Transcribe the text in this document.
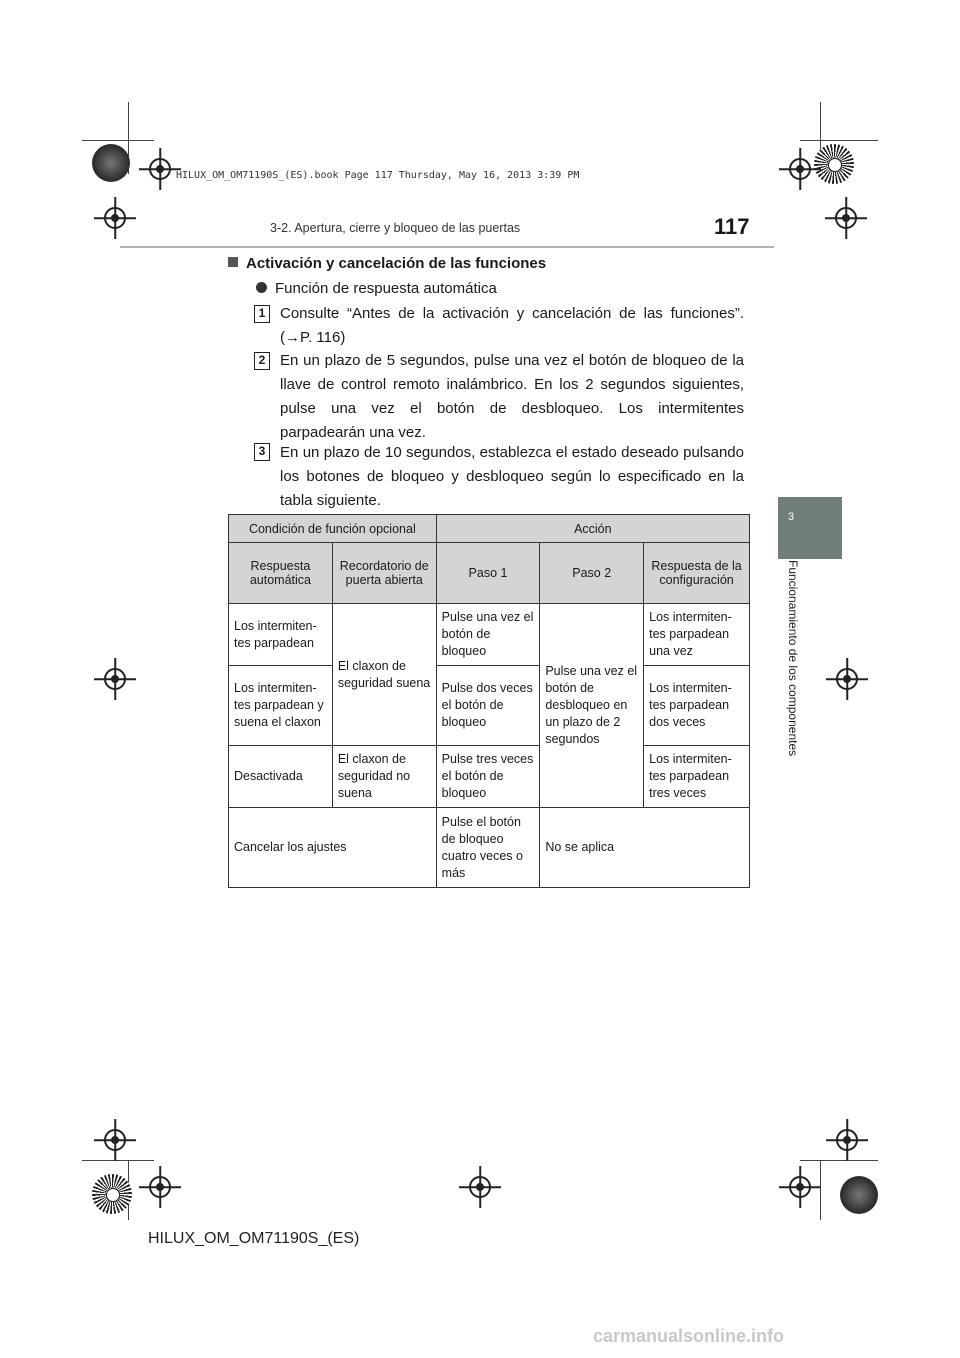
HILUX_OM_OM71190S_(ES).book Page 117 Thursday, May 16, 2013 3:39 PM
3-2. Apertura, cierre y bloqueo de las puertas	117
3
Funcionamiento de los componentes
Activación y cancelación de las funciones
Función de respuesta automática
1 Consulte “Antes de la activación y cancelación de las funciones”. (→P. 116)
2 En un plazo de 5 segundos, pulse una vez el botón de bloqueo de la llave de control remoto inalámbrico. En los 2 segundos siguientes, pulse una vez el botón de desbloqueo. Los intermitentes parpadearán una vez.
3 En un plazo de 10 segundos, establezca el estado deseado pulsando los botones de bloqueo y desbloqueo según lo especificado en la tabla siguiente.
Condición de función opcional		Acción		
Respuesta automática	Recordatorio de puerta abierta	Paso 1	Paso 2	Respuesta de la configuración
Los intermiten-tes parpadean	El claxon de seguridad suena	Pulse una vez el botón de bloqueo	Pulse una vez el botón de desbloqueo en un plazo de 2 segundos	Los intermiten-tes parpadean una vez
Los intermiten-tes parpadean y suena el claxon		Pulse dos veces el botón de bloqueo		Los intermiten-tes parpadean dos veces
Desactivada	El claxon de seguridad no suena	Pulse tres veces el botón de bloqueo		Los intermiten-tes parpadean tres veces
Cancelar los ajustes		Pulse el botón de bloqueo cuatro veces o más	No se aplica	
HILUX_OM_OM71190S_(ES)
carmanualsonline.info
